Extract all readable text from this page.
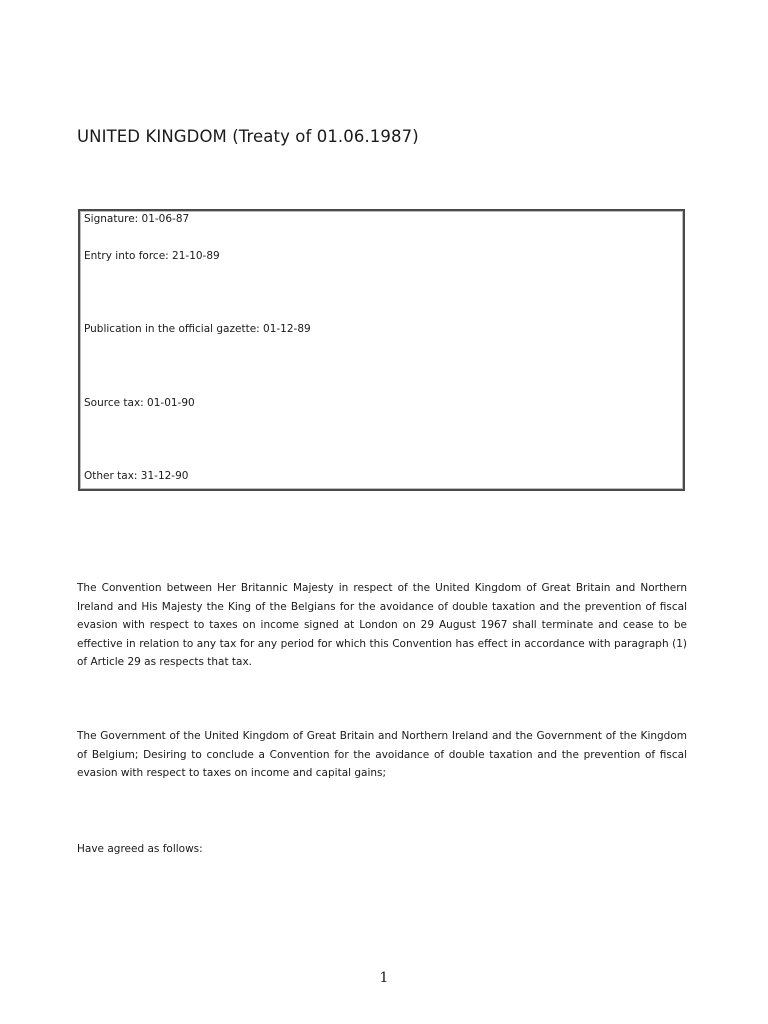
UNITED KINGDOM (Treaty of 01.06.1987)
Signature: 01-06-87
Entry into force: 21-10-89
Publication in the official gazette: 01-12-89
Source tax: 01-01-90
Other tax: 31-12-90

The Convention between Her Britannic Majesty in respect of the United Kingdom of Great Britain and Northern Ireland and His Majesty the King of the Belgians for the avoidance of double taxation and the prevention of fiscal evasion with respect to taxes on income signed at London on 29 August 1967 shall terminate and cease to be effective in relation to any tax for any period for which this Convention has effect in accordance with paragraph (1) of Article 29 as respects that tax.

The Government of the United Kingdom of Great Britain and Northern Ireland and the Government of the Kingdom of Belgium; Desiring to conclude a Convention for the avoidance of double taxation and the prevention of fiscal evasion with respect to taxes on income and capital gains;

Have agreed as follows:

1
